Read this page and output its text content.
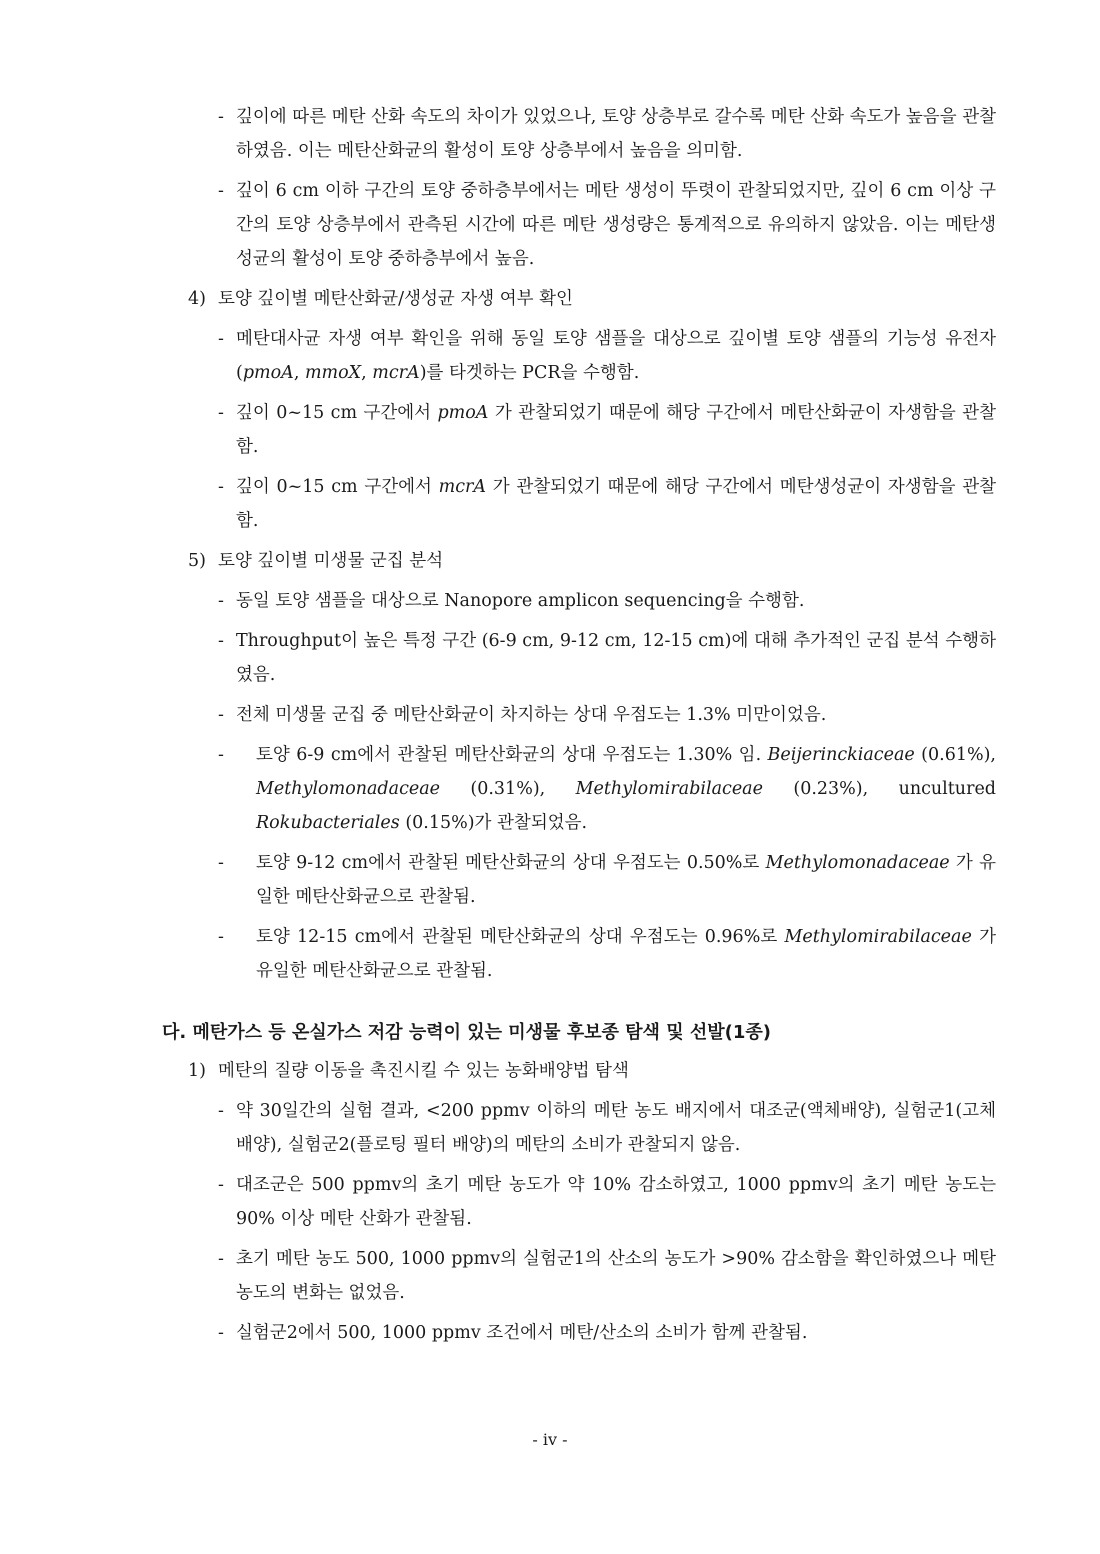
- 깊이에 따른 메탄 산화 속도의 차이가 있었으나, 토양 상층부로 갈수록 메탄 산화 속도가 높음을 관찰하였음. 이는 메탄산화균의 활성이 토양 상층부에서 높음을 의미함.
- 깊이 6 cm 이하 구간의 토양 중하층부에서는 메탄 생성이 뚜렷이 관찰되었지만, 깊이 6 cm 이상 구간의 토양 상층부에서 관측된 시간에 따른 메탄 생성량은 통계적으로 유의하지 않았음. 이는 메탄생성균의 활성이 토양 중하층부에서 높음.
4) 토양 깊이별 메탄산화균/생성균 자생 여부 확인
- 메탄대사균 자생 여부 확인을 위해 동일 토양 샘플을 대상으로 깊이별 토양 샘플의 기능성 유전자(pmoA, mmoX, mcrA)를 타겟하는 PCR을 수행함.
- 깊이 0~15 cm 구간에서 pmoA 가 관찰되었기 때문에 해당 구간에서 메탄산화균이 자생함을 관찰함.
- 깊이 0~15 cm 구간에서 mcrA 가 관찰되었기 때문에 해당 구간에서 메탄생성균이 자생함을 관찰함.
5) 토양 깊이별 미생물 군집 분석
- 동일 토양 샘플을 대상으로 Nanopore amplicon sequencing을 수행함.
- Throughput이 높은 특정 구간 (6-9 cm, 9-12 cm, 12-15 cm)에 대해 추가적인 군집 분석 수행하였음.
- 전체 미생물 군집 중 메탄산화균이 차지하는 상대 우점도는 1.3% 미만이었음.
- 토양 6-9 cm에서 관찰된 메탄산화균의 상대 우점도는 1.30% 임. Beijerinckiaceae (0.61%), Methylomonadaceae (0.31%), Methylomirabilaceae (0.23%), uncultured Rokubacteriales (0.15%)가 관찰되었음.
- 토양 9-12 cm에서 관찰된 메탄산화균의 상대 우점도는 0.50%로 Methylomonadaceae 가 유일한 메탄산화균으로 관찰됨.
- 토양 12-15 cm에서 관찰된 메탄산화균의 상대 우점도는 0.96%로 Methylomirabilaceae 가 유일한 메탄산화균으로 관찰됨.
다. 메탄가스 등 온실가스 저감 능력이 있는 미생물 후보종 탐색 및 선발(1종)
1) 메탄의 질량 이동을 촉진시킬 수 있는 농화배양법 탐색
- 약 30일간의 실험 결과, <200 ppmv 이하의 메탄 농도 배지에서 대조군(액체배양), 실험군1(고체배양), 실험군2(플로팅 필터 배양)의 메탄의 소비가 관찰되지 않음.
- 대조군은 500 ppmv의 초기 메탄 농도가 약 10% 감소하였고, 1000 ppmv의 초기 메탄 농도는 90% 이상 메탄 산화가 관찰됨.
- 초기 메탄 농도 500, 1000 ppmv의 실험군1의 산소의 농도가 >90% 감소함을 확인하였으나 메탄 농도의 변화는 없었음.
- 실험군2에서 500, 1000 ppmv 조건에서 메탄/산소의 소비가 함께 관찰됨.
- iv -
